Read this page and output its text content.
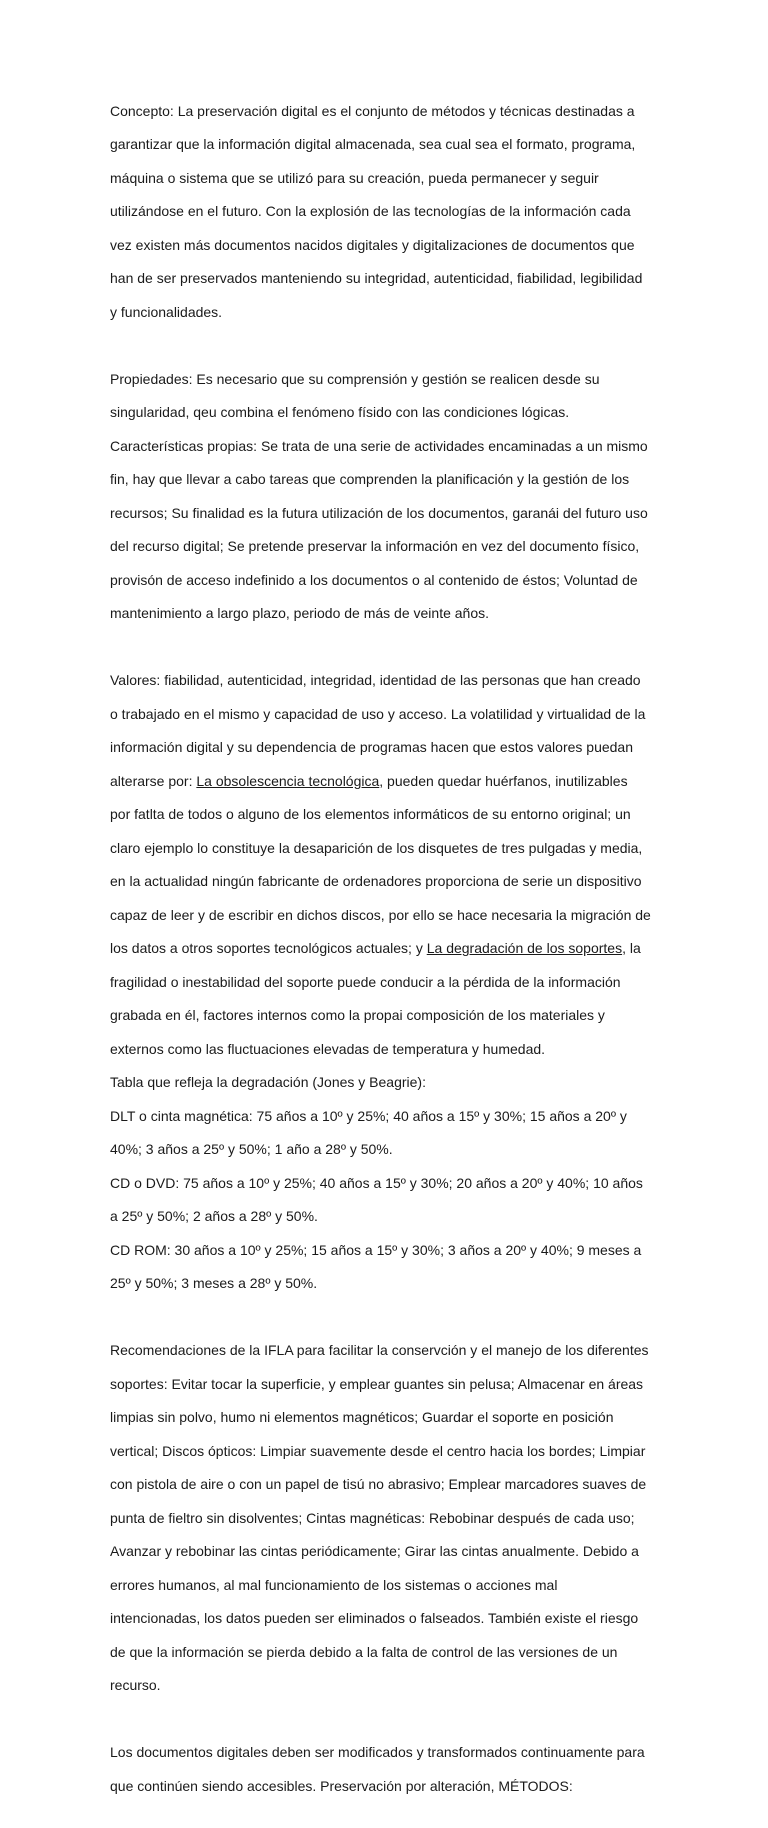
Concepto: La preservación digital es el conjunto de métodos y técnicas destinadas a

garantizar que la información digital almacenada, sea cual sea el formato, programa,

máquina o sistema que se utilizó para su creación, pueda permanecer y seguir

utilizándose en el futuro. Con la explosión de las tecnologías de la información cada

vez existen más documentos nacidos digitales y digitalizaciones de documentos que

han de ser preservados manteniendo su integridad, autenticidad, fiabilidad, legibilidad

y funcionalidades.

Propiedades: Es necesario que su comprensión y gestión se realicen desde su

singularidad, qeu combina el fenómeno físido con las condiciones lógicas.

Características propias: Se trata de una serie de actividades encaminadas a un mismo

fin, hay que llevar a cabo tareas que comprenden la planificación y la gestión de los

recursos; Su finalidad es la futura utilización de los documentos, garanái del futuro uso

del recurso digital; Se pretende preservar la información en vez del documento físico,

provisón de acceso indefinido a los documentos o al contenido de éstos; Voluntad de

mantenimiento a largo plazo, periodo de más de veinte años.

Valores: fiabilidad, autenticidad, integridad, identidad de las personas que han creado

o trabajado en el mismo y capacidad de uso y acceso. La volatilidad y virtualidad de la

información digital y su dependencia de programas hacen que estos valores puedan

alterarse por: La obsolescencia tecnológica, pueden quedar huérfanos, inutilizables

por fatlta de todos o alguno de los elementos informáticos de su entorno original; un

claro ejemplo lo constituye la desaparición de los disquetes de tres pulgadas y media,

en la actualidad ningún fabricante de ordenadores proporciona de serie un dispositivo

capaz de leer y de escribir en dichos discos, por ello se hace necesaria la migración de

los datos a otros soportes tecnológicos actuales; y La degradación de los soportes, la

fragilidad o inestabilidad del soporte puede conducir a la pérdida de la información

grabada en él, factores internos como la propai composición de los materiales y

externos como las fluctuaciones elevadas de temperatura y humedad.

Tabla que refleja la degradación (Jones y Beagrie):

DLT o cinta magnética: 75 años a 10º y 25%; 40 años a 15º y 30%; 15 años a 20º y

40%; 3 años a 25º y 50%; 1 año a 28º y 50%.

CD o DVD: 75 años a 10º y 25%; 40 años a 15º y 30%; 20 años a 20º y 40%; 10 años

a 25º y 50%; 2 años a 28º y 50%.

CD ROM: 30 años a 10º y 25%; 15 años a 15º y 30%; 3 años a 20º y 40%; 9 meses a

25º y 50%; 3 meses a 28º y 50%.

Recomendaciones de la IFLA para facilitar la conservción y el manejo de los diferentes

soportes: Evitar tocar la superficie, y emplear guantes sin pelusa; Almacenar en áreas

limpias sin polvo, humo ni elementos magnéticos; Guardar el soporte en posición

vertical; Discos ópticos: Limpiar suavemente desde el centro hacia los bordes; Limpiar

con pistola de aire o con un papel de tisú no abrasivo; Emplear marcadores suaves de

punta de fieltro sin disolventes; Cintas magnéticas: Rebobinar después de cada uso;

Avanzar y rebobinar las cintas periódicamente; Girar las cintas anualmente. Debido a

errores humanos, al mal funcionamiento de los sistemas o acciones mal

intencionadas, los datos pueden ser eliminados o falseados. También existe el riesgo

de que la información se pierda debido a la falta de control de las versiones de un

recurso.

Los documentos digitales deben ser modificados y transformados continuamente para

que continúen siendo accesibles. Preservación por alteración, MÉTODOS:
